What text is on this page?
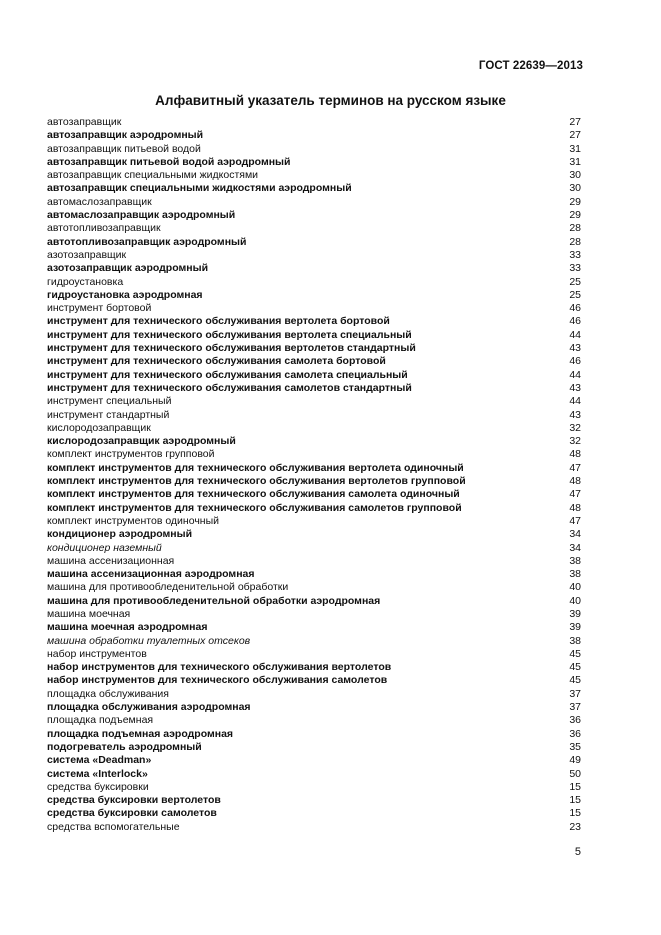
ГОСТ 22639—2013
Алфавитный указатель терминов на русском языке
автозаправщик	27
автозаправщик аэродромный	27
автозаправщик питьевой водой	31
автозаправщик питьевой водой аэродромный	31
автозаправщик специальными жидкостями	30
автозаправщик специальными жидкостями аэродромный	30
автомаслозаправщик	29
автомаслозаправщик аэродромный	29
автотопливозаправщик	28
автотопливозаправщик аэродромный	28
азотозаправщик	33
азотозаправщик аэродромный	33
гидроустановка	25
гидроустановка аэродромная	25
инструмент бортовой	46
инструмент для технического обслуживания вертолета бортовой	46
инструмент для технического обслуживания вертолета специальный	44
инструмент для технического обслуживания вертолетов стандартный	43
инструмент для технического обслуживания самолета бортовой	46
инструмент для технического обслуживания самолета специальный	44
инструмент для технического обслуживания самолетов стандартный	43
инструмент специальный	44
инструмент стандартный	43
кислородозаправщик	32
кислородозаправщик аэродромный	32
комплект инструментов групповой	48
комплект инструментов для технического обслуживания вертолета одиночный	47
комплект инструментов для технического обслуживания вертолетов групповой	48
комплект инструментов для технического обслуживания самолета одиночный	47
комплект инструментов для технического обслуживания самолетов групповой	48
комплект инструментов одиночный	47
кондиционер аэродромный	34
кондиционер наземный	34
машина ассенизационная	38
машина ассенизационная аэродромная	38
машина для противообледенительной обработки	40
машина для противообледенительной обработки аэродромная	40
машина моечная	39
машина моечная аэродромная	39
машина обработки туалетных отсеков	38
набор инструментов	45
набор инструментов для технического обслуживания вертолетов	45
набор инструментов для технического обслуживания самолетов	45
площадка обслуживания	37
площадка обслуживания аэродромная	37
площадка подъемная	36
площадка подъемная аэродромная	36
подогреватель аэродромный	35
система «Deadman»	49
система «Interlock»	50
средства буксировки	15
средства буксировки вертолетов	15
средства буксировки самолетов	15
средства вспомогательные	23
5
